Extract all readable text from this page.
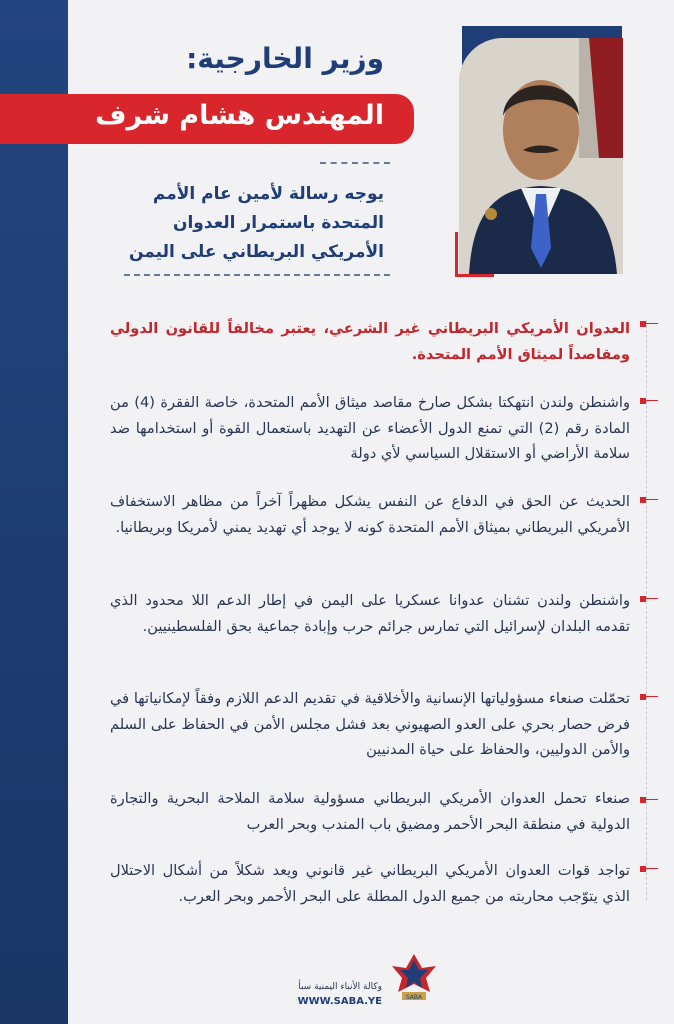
وزير الخارجية:
المهندس هشام شرف
يوجه رسالة لأمين عام الأمم المتحدة باستمرار العدوان الأمريكي البريطاني على اليمن
العدوان الأمريكي البريطاني غير الشرعي، يعتبر مخالفاً للقانون الدولي ومقاصداً لميثاق الأمم المتحدة.
واشنطن ولندن انتهكتا بشكل صارخ مقاصد ميثاق الأمم المتحدة، خاصة الفقرة (4) من المادة رقم (2) التي تمنع الدول الأعضاء عن التهديد باستعمال القوة أو استخدامها ضد سلامة الأراضي أو الاستقلال السياسي لأي دولة
الحديث عن الحق في الدفاع عن النفس يشكل مظهراً آخراً من مظاهر الاستخفاف الأمريكي البريطاني بميثاق الأمم المتحدة كونه لا يوجد أي تهديد يمني لأمريكا وبريطانيا.
واشنطن ولندن تشنان عدوانا عسكريا على اليمن في إطار الدعم اللا محدود الذي تقدمه البلدان لإسرائيل التي تمارس جرائم حرب وإبادة جماعية بحق الفلسطينيين.
تحمّلت صنعاء مسؤولياتها الإنسانية والأخلاقية في تقديم الدعم اللازم وفقاً لإمكانياتها في فرض حصار بحري على العدو الصهيوني بعد فشل مجلس الأمن في الحفاظ على السلم والأمن الدوليين، والحفاظ على حياة المدنيين
صنعاء تحمل العدوان الأمريكي البريطاني مسؤولية سلامة الملاحة البحرية والتجارة الدولية في منطقة البحر الأحمر ومضيق باب المندب وبحر العرب
تواجد قوات العدوان الأمريكي البريطاني غير قانوني ويعد شكلاً من أشكال الاحتلال الذي يتوّجب محاربته من جميع الدول المطلة على البحر الأحمر وبحر العرب.
SABA
وكالة الأنباء اليمنية سبأ
WWW.SABA.YE
